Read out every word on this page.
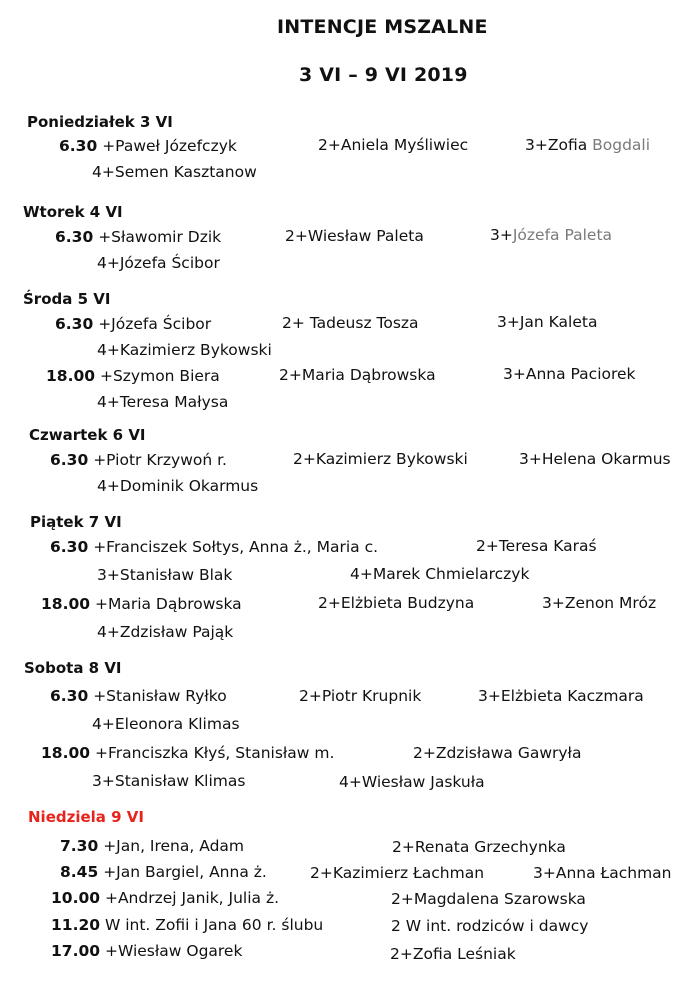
INTENCJE MSZALNE
3 VI – 9 VI 2019
Poniedziałek 3 VI
6.30 +Paweł Józefczyk	2+Aniela Myśliwiec	3+Zofia Bogdali
4+Semen Kasztanow
Wtorek 4 VI
6.30 +Sławomir Dzik	2+Wiesław Paleta	3+Józefa Paleta
4+Józefa Ścibor
Środa 5 VI
6.30 +Józefa Ścibor	2+ Tadeusz Tosza	3+Jan Kaleta
4+Kazimierz Bykowski
18.00 +Szymon Biera	2+Maria Dąbrowska	3+Anna Paciorek
4+Teresa Małysa
Czwartek 6 VI
6.30 +Piotr Krzywoń r.	2+Kazimierz Bykowski	3+Helena Okarmus
4+Dominik Okarmus
Piątek 7 VI
6.30 +Franciszek Sołtys, Anna ż., Maria c.	2+Teresa Karaś
3+Stanisław Blak	4+Marek Chmielarczyk
18.00 +Maria Dąbrowska	2+Elżbieta Budzyna	3+Zenon Mróz
4+Zdzisław Pająk
Sobota 8 VI
6.30 +Stanisław Ryłko	2+Piotr Krupnik	3+Elżbieta Kaczmara
4+Eleonora Klimas
18.00 +Franciszka Kłyś, Stanisław m.	2+Zdzisława Gawryła
3+Stanisław Klimas	4+Wiesław Jaskuła
Niedziela 9 VI
7.30 +Jan, Irena, Adam	2+Renata Grzechynka
8.45 +Jan Bargiel, Anna ż.	2+Kazimierz Łachman	3+Anna Łachman
10.00 +Andrzej Janik, Julia ż.	2+Magdalena Szarowska
11.20 W int. Zofii i Jana 60 r. ślubu	2 W int. rodziców i dawcy
17.00 +Wiesław Ogarek	2+Zofia Leśniak
